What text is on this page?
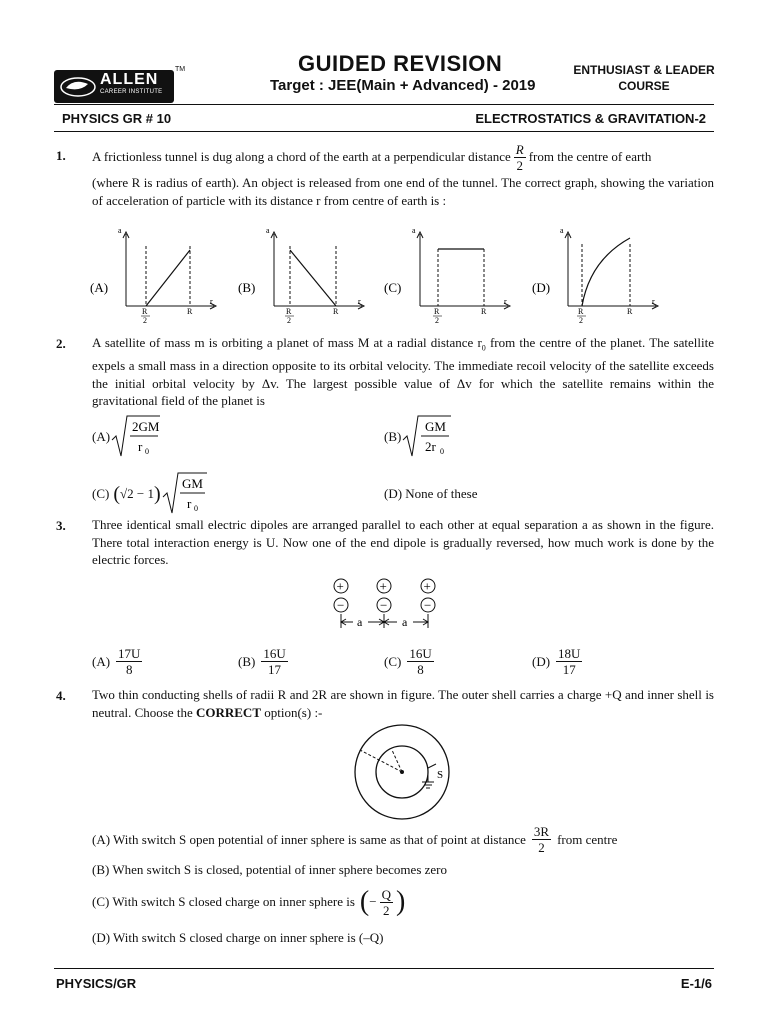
ALLEN
CAREER INSTITUTE
TM	GUIDED REVISION
Target : JEE(Main + Advanced) - 2019
ENTHUSIAST & LEADER
COURSE
PHYSICS GR # 10	ELECTROSTATICS & GRAVITATION-2
1. A frictionless tunnel is dug along a chord of the earth at a perpendicular distance $\frac{R}{2}$ from the centre of earth
(where R is radius of earth). An object is released from one end of the tunnel. The correct graph, showing the variation of acceleration of particle with its distance r from centre of earth is :
(A)
a
r
R
2
R
(B)
a
r
R
2
R
(C)
a
r
R
2
R
(D)
a
r
R
2
R
2. A satellite of mass m is orbiting a planet of mass M at a radial distance $r_0$ from the centre of the planet. The satellite expels a small mass in a direction opposite to its orbital velocity. The immediate recoil velocity of the satellite exceeds the initial orbital velocity by Δv. The largest possible value of Δv for which the satellite remains within the gravitational field of the planet is
(A)
2GM
r 0
(B)
GM
2r 0
(C) ( √2 − 1 ) GM
r 0
(D) None of these
3. Three identical small electric dipoles are arranged parallel to each other at equal separation a as shown in the figure. There total interaction energy is U. Now one of the end dipole is gradually reversed, how much work is done by the electric forces.
+
−
+
−
+
−
a	a
$(A) \frac{17U}{8}$	$(B) \frac{16U}{17}$	$(C) \frac{16U}{8}$	$(D) \frac{18U}{17}$
4. Two thin conducting shells of radii R and 2R are shown in figure. The outer shell carries a charge +Q and inner shell is neutral. Choose the CORRECT option(s) :-
S
(A) With switch S open potential of inner sphere is same as that of point at distance $\frac{3R}{2}$ from centre
(B) When switch S is closed, potential of inner sphere becomes zero
(C) With switch S closed charge on inner sphere is ( − $\frac{Q}{2}$ )
(D) With switch S closed charge on inner sphere is (–Q)
PHYSICS/GR	E-1/6
